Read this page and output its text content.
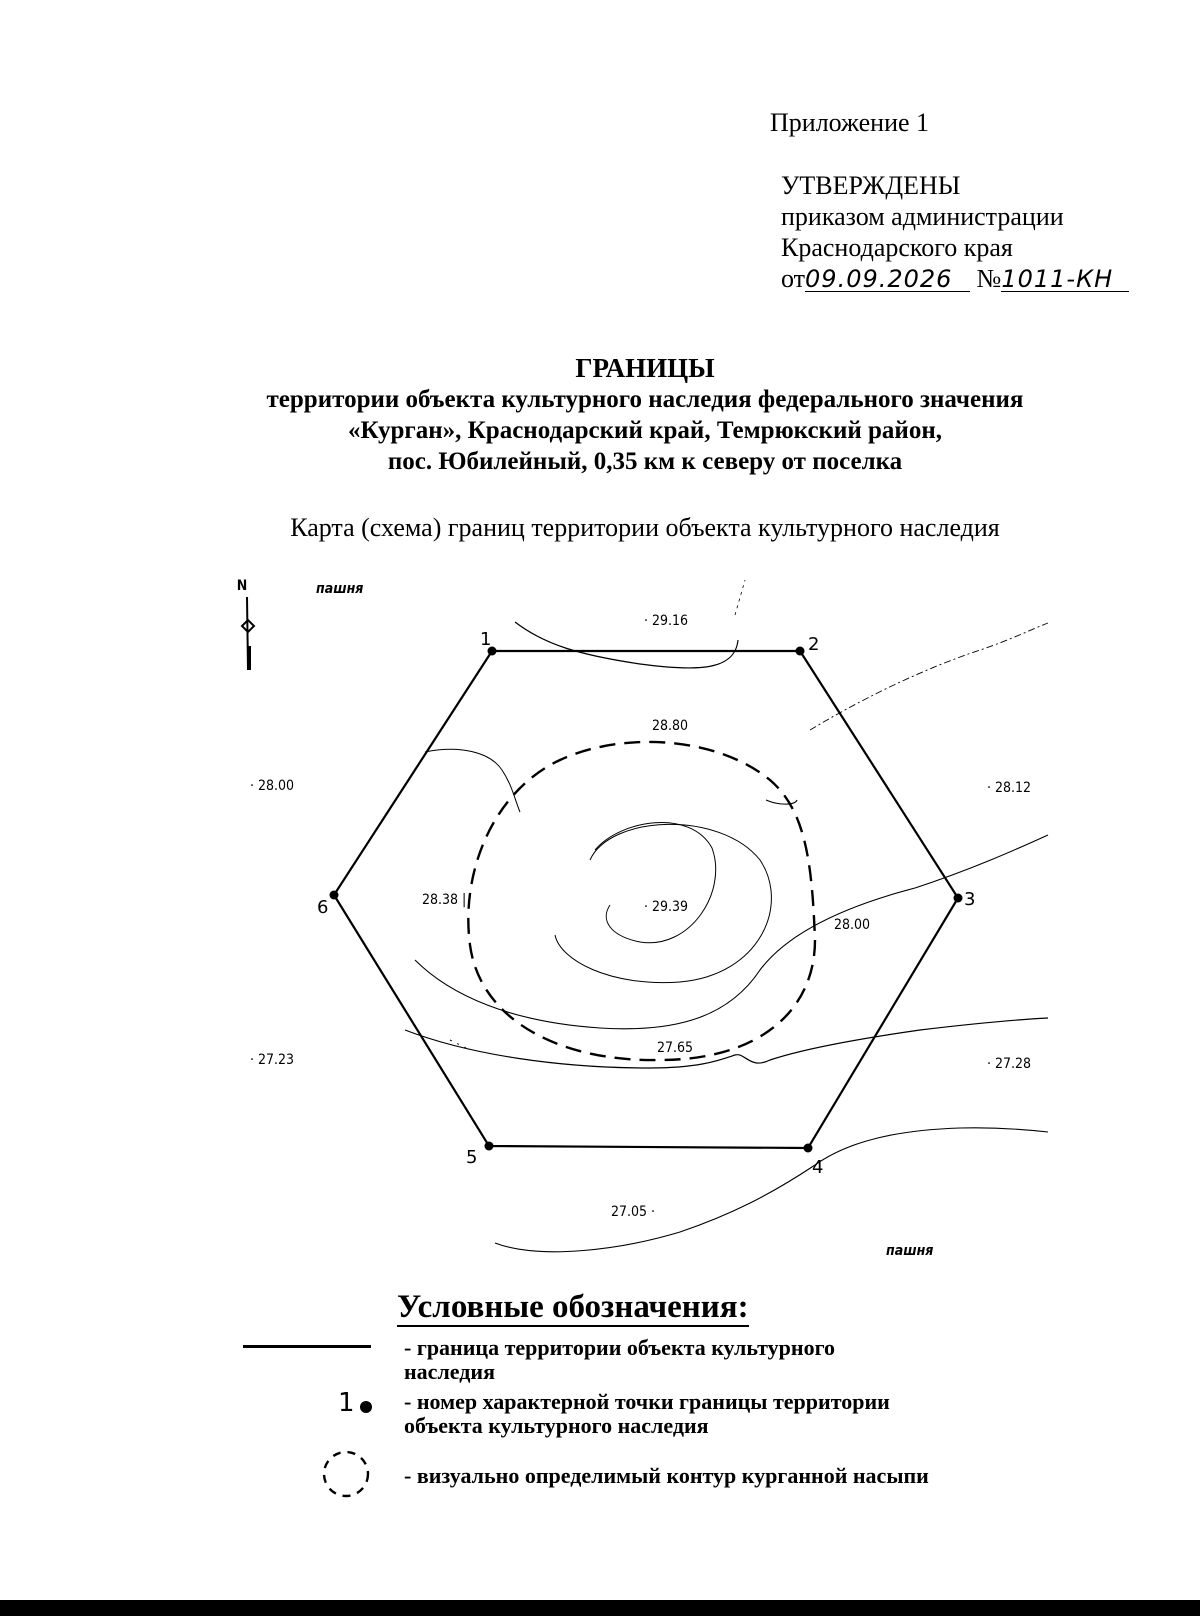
Приложение 1
УТВЕРЖДЕНЫ
приказом администрации
Краснодарского края
от09.09.2026 №1011-КН
ГРАНИЦЫ
территории объекта культурного наследия федерального значения
«Курган», Краснодарский край, Темрюкский район,
пос. Юбилейный, 0,35 км к северу от поселка
Карта (схема) границ территории объекта культурного наследия
N
1	2
3
4
5
6
пашня
пашня
· 29.16
28.80
· 28.00	· 28.12
28.38 |	· 29.39
28.00
27.65
· 27.23	· 27.28
27.05 ·
Условные обозначения:
- граница территории объекта культурного
наследия
1 - номер характерной точки границы территории
объекта культурного наследия
- визуально определимый контур курганной насыпи
